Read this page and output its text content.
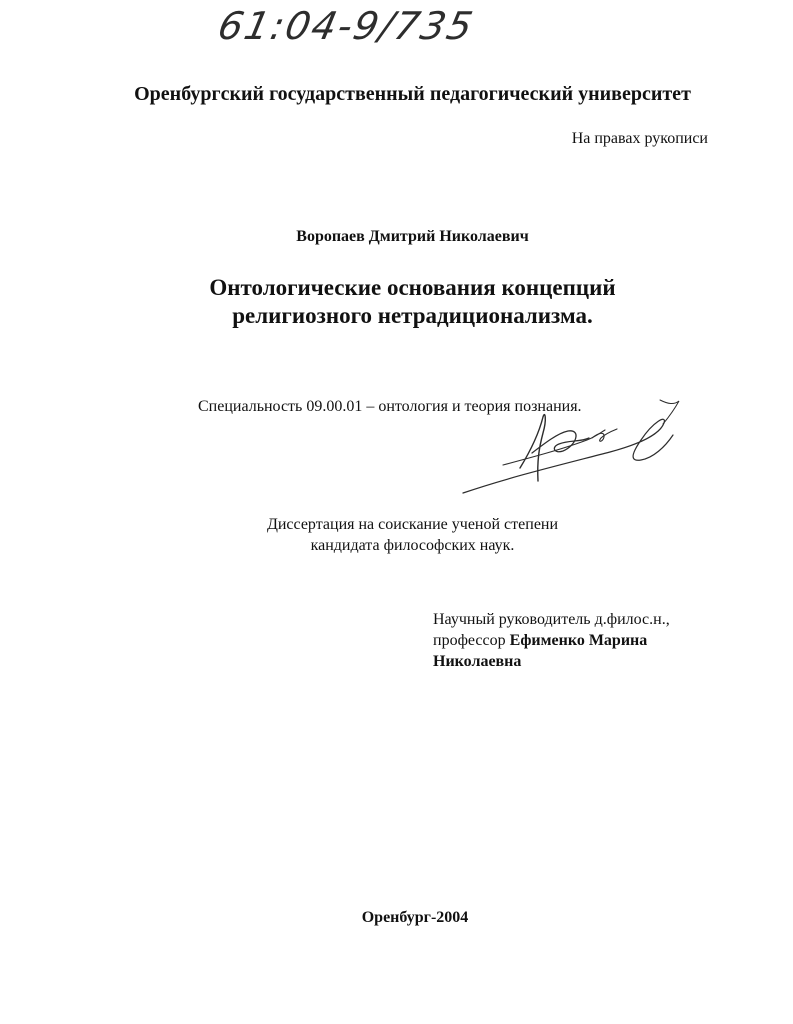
61:04-9/735
Оренбургский государственный педагогический университет
На правах рукописи
Воропаев Дмитрий Николаевич
Онтологические основания концепций
религиозного нетрадиционализма.
Специальность 09.00.01 – онтология и теория познания.
Диссертация на соискание ученой степени
кандидата философских наук.
Научный руководитель д.филос.н.,
профессор Ефименко Марина
Николаевна
Оренбург-2004
